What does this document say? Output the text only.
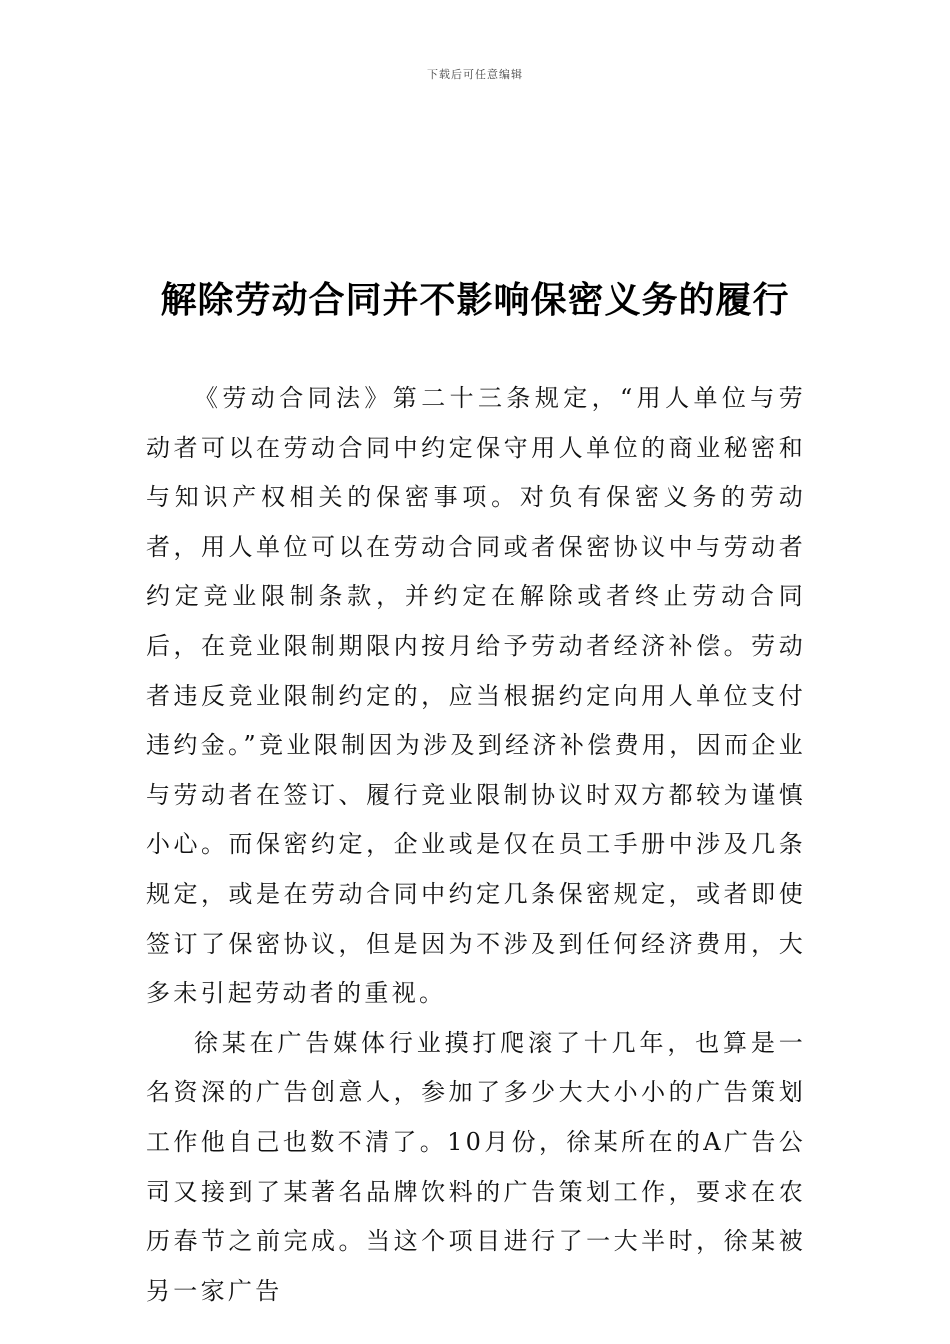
下载后可任意编辑
解除劳动合同并不影响保密义务的履行

《劳动合同法》第二十三条规定，“用人单位与劳动者可以在劳动合同中约定保守用人单位的商业秘密和与知识产权相关的保密事项。对负有保密义务的劳动者，用人单位可以在劳动合同或者保密协议中与劳动者约定竞业限制条款，并约定在解除或者终止劳动合同后，在竞业限制期限内按月给予劳动者经济补偿。劳动者违反竞业限制约定的，应当根据约定向用人单位支付违约金。”竞业限制因为涉及到经济补偿费用，因而企业与劳动者在签订、履行竞业限制协议时双方都较为谨慎小心。而保密约定，企业或是仅在员工手册中涉及几条规定，或是在劳动合同中约定几条保密规定，或者即使签订了保密协议，但是因为不涉及到任何经济费用，大多未引起劳动者的重视。

徐某在广告媒体行业摸打爬滚了十几年，也算是一名资深的广告创意人，参加了多少大大小小的广告策划工作他自己也数不清了。10月份，徐某所在的A广告公司又接到了某著名品牌饮料的广告策划工作，要求在农历春节之前完成。当这个项目进行了一大半时，徐某被另一家广告
